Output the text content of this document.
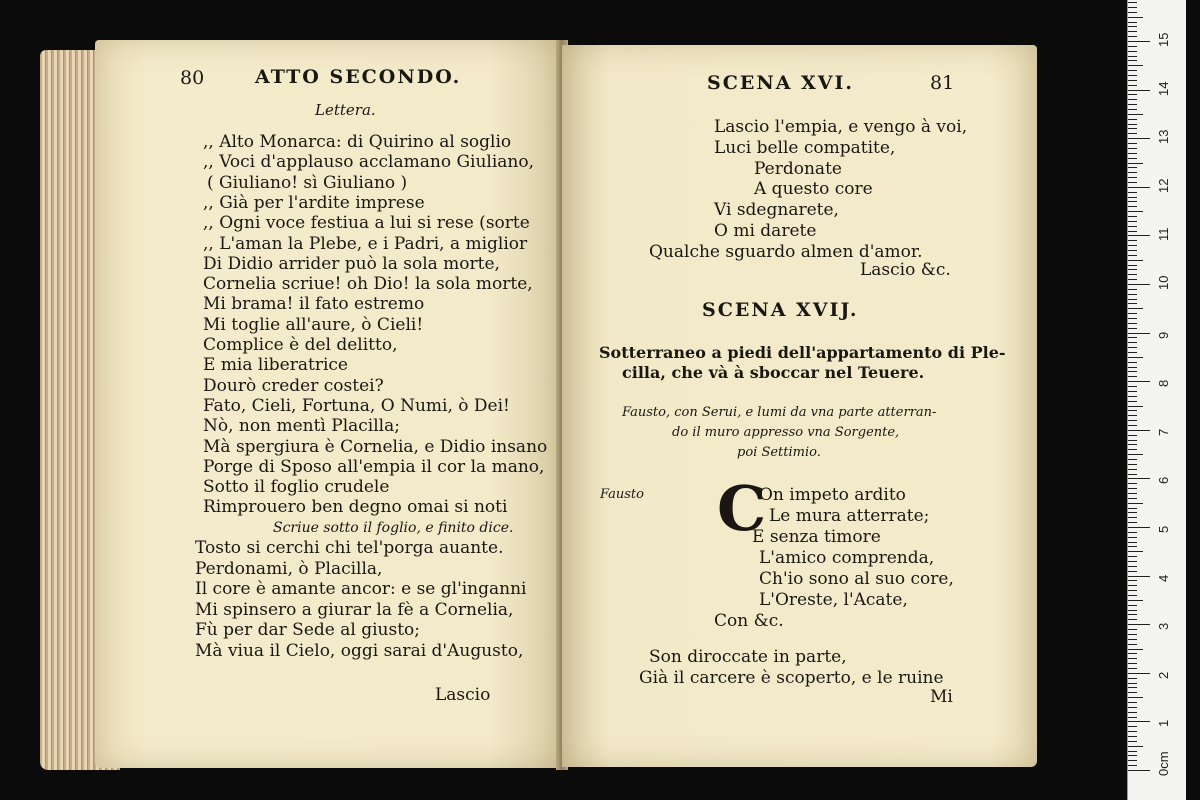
80	ATTO SECONDO.
Lettera.
,, Alto Monarca: di Quirino al soglio
,, Voci d'applauso acclamano Giuliano,
( Giuliano! sì Giuliano )
,, Già per l'ardite imprese
,, Ogni voce festiua a lui si rese (sorte
,, L'aman la Plebe, e i Padri, a miglior
Di Didio arrider può la sola morte,
Cornelia scriue! oh Dio! la sola morte,
Mi brama! il fato estremo
Mi toglie all'aure, ò Cieli!
Complice è del delitto,
E mia liberatrice
Dourò creder costei?
Fato, Cieli, Fortuna, O Numi, ò Dei!
Nò, non mentì Placilla;
Mà spergiura è Cornelia, e Didio insano
Porge di Sposo all'empia il cor la mano,
Sotto il foglio crudele
Rimprouero ben degno omai si noti
Scriue sotto il foglio, e finito dice.
Tosto si cerchi chi tel'porga auante.
Perdonami, ò Placilla,
Il core è amante ancor: e se gl'inganni
Mi spinsero a giurar la fè a Cornelia,
Fù per dar Sede al giusto;
Mà viua il Cielo, oggi sarai d'Augusto,
Lascio
SCENA XVI.	81
Lascio l'empia, e vengo à voi,
Luci belle compatite,
Perdonate
A questo core
Vi sdegnarete,
O mi darete
Qualche sguardo almen d'amor.
Lascio &c.
SCENA XVIJ.
Sotterraneo a piedi dell'appartamento di Ple-
cilla, che và à sboccar nel Teuere.
Fausto, con Serui, e lumi da vna parte atterran-
do il muro appresso vna Sorgente,
poi Settimio.
Fausto C
On impeto ardito
Le mura atterrate;
E senza timore
L'amico comprenda,
Ch'io sono al suo core,
L'Oreste, l'Acate,
Con &c.
Son diroccate in parte,
Già il carcere è scoperto, e le ruine
Mi
0cm
1
2
3
4
5
6
7
8
9
10
11
12
13
14
15
